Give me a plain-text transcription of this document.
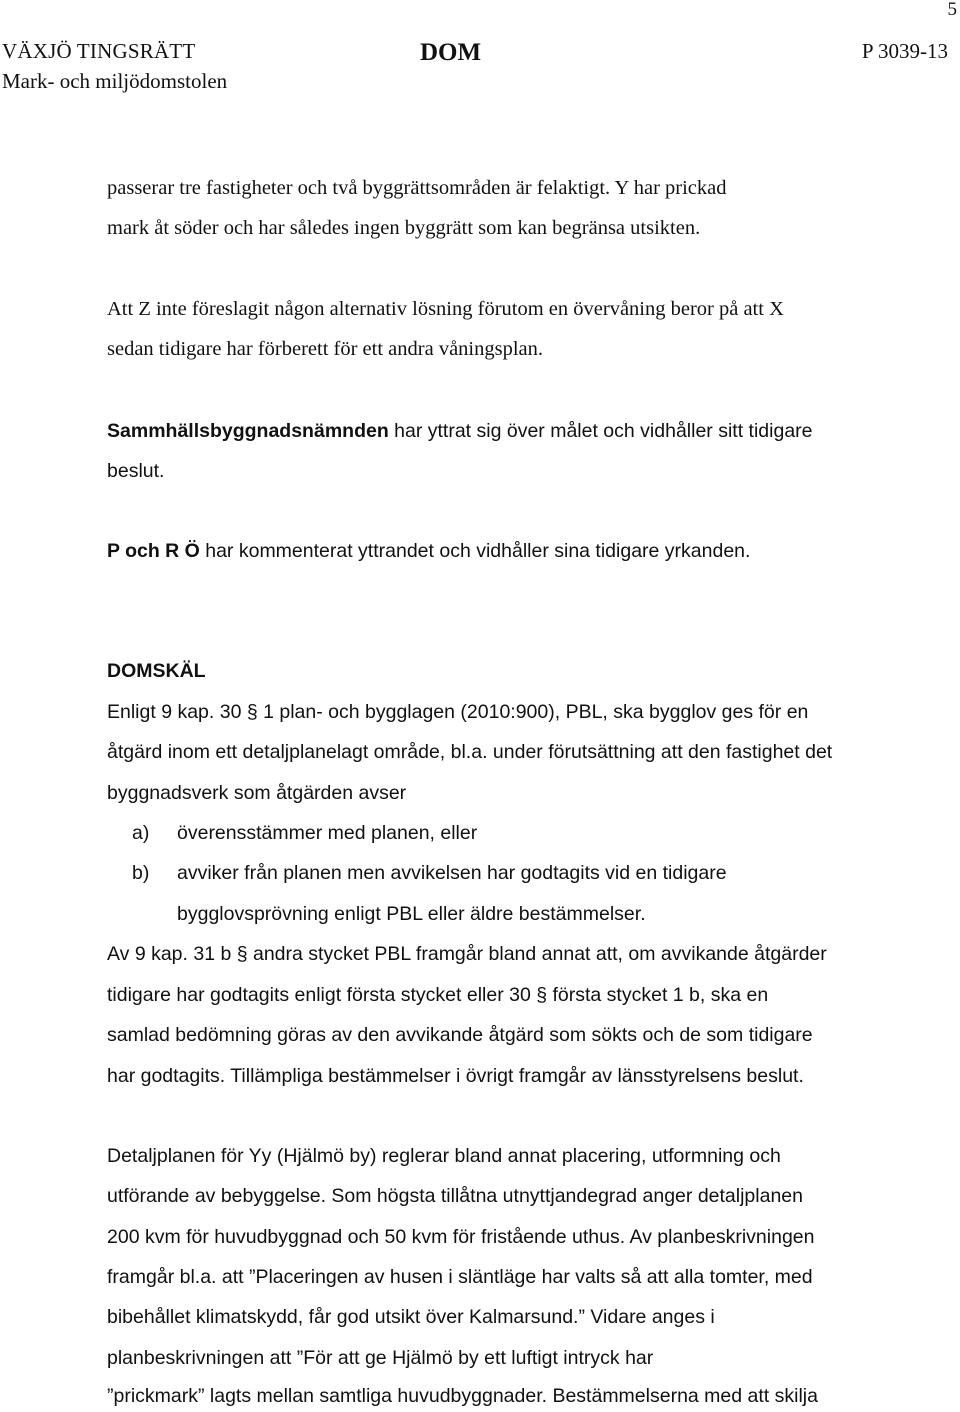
5
VÄXJÖ TINGSRÄTT
Mark- och miljödomstolen
DOM	P 3039-13
passerar tre fastigheter och två byggrättsområden är felaktigt. Y har prickad
mark åt söder och har således ingen byggrätt som kan begränsa utsikten.
Att Z inte föreslagit någon alternativ lösning förutom en övervåning beror på att X
sedan tidigare har förberett för ett andra våningsplan.
Sammhällsbyggnadsnämnden har yttrat sig över målet och vidhåller sitt tidigare
beslut.
P och R Ö har kommenterat yttrandet och vidhåller sina tidigare yrkanden.
DOMSKÄL
Enligt 9 kap. 30 § 1 plan- och bygglagen (2010:900), PBL, ska bygglov ges för en
åtgärd inom ett detaljplanelagt område, bl.a. under förutsättning att den fastighet det
byggnadsverk som åtgärden avser
a) överensstämmer med planen, eller
b) avviker från planen men avvikelsen har godtagits vid en tidigare
bygglovsprövning enligt PBL eller äldre bestämmelser.
Av 9 kap. 31 b § andra stycket PBL framgår bland annat att, om avvikande åtgärder
tidigare har godtagits enligt första stycket eller 30 § första stycket 1 b, ska en
samlad bedömning göras av den avvikande åtgärd som sökts och de som tidigare
har godtagits. Tillämpliga bestämmelser i övrigt framgår av länsstyrelsens beslut.
Detaljplanen för Yy (Hjälmö by) reglerar bland annat placering, utformning och
utförande av bebyggelse. Som högsta tillåtna utnyttjandegrad anger detaljplanen
200 kvm för huvudbyggnad och 50 kvm för fristående uthus. Av planbeskrivningen
framgår bl.a. att ”Placeringen av husen i släntläge har valts så att alla tomter, med
bibehållet klimatskydd, får god utsikt över Kalmarsund.” Vidare anges i
planbeskrivningen att ”För att ge Hjälmö by ett luftigt intryck har
”prickmark” lagts mellan samtliga huvudbyggnader. Bestämmelserna med att skilja
